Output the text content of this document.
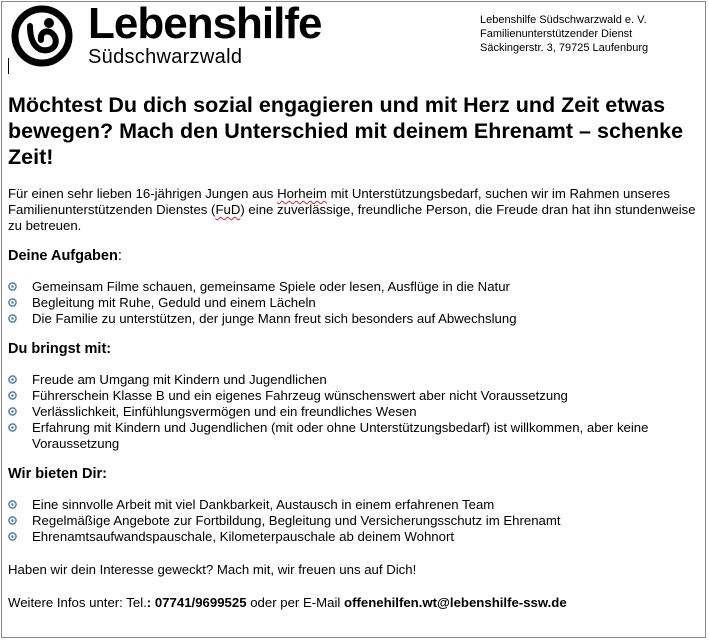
Lebenshilfe
Südschwarzwald
Lebenshilfe Südschwarzwald e. V.
Familienunterstützender Dienst
Säckingerstr. 3, 79725 Laufenburg
Möchtest Du dich sozial engagieren und mit Herz und Zeit etwas bewegen? Mach den Unterschied mit deinem Ehrenamt – schenke Zeit!

Für einen sehr lieben 16-jährigen Jungen aus Horheim mit Unterstützungsbedarf, suchen wir im Rahmen unseres Familienunterstützenden Dienstes (FuD) eine zuverlässige, freundliche Person, die Freude dran hat ihn stundenweise zu betreuen.

Deine Aufgaben:
Gemeinsam Filme schauen, gemeinsame Spiele oder lesen, Ausflüge in die Natur
Begleitung mit Ruhe, Geduld und einem Lächeln
Die Familie zu unterstützen, der junge Mann freut sich besonders auf Abwechslung
Du bringst mit:
Freude am Umgang mit Kindern und Jugendlichen
Führerschein Klasse B und ein eigenes Fahrzeug wünschenswert aber nicht Voraussetzung
Verlässlichkeit, Einfühlungsvermögen und ein freundliches Wesen
Erfahrung mit Kindern und Jugendlichen (mit oder ohne Unterstützungsbedarf) ist willkommen, aber keine Voraussetzung
Wir bieten Dir:
Eine sinnvolle Arbeit mit viel Dankbarkeit, Austausch in einem erfahrenen Team
Regelmäßige Angebote zur Fortbildung, Begleitung und Versicherungsschutz im Ehrenamt
Ehrenamtsaufwandspauschale, Kilometerpauschale ab deinem Wohnort

Haben wir dein Interesse geweckt? Mach mit, wir freuen uns auf Dich!

Weitere Infos unter: Tel.: 07741/9699525 oder per E-Mail offenehilfen.wt@lebenshilfe-ssw.de
